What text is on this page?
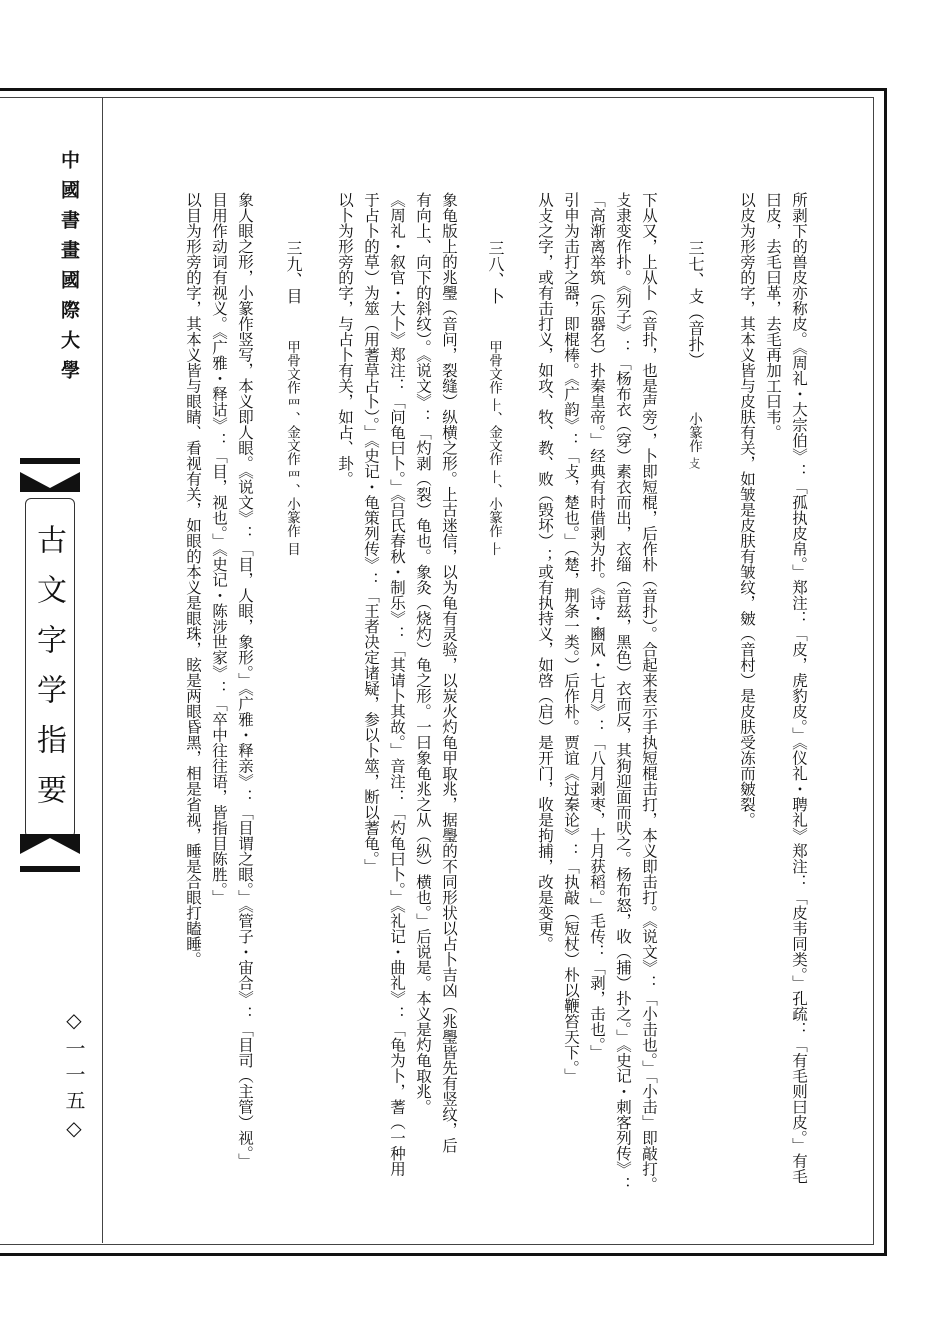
中國書畫國際大學
古文字学指要
◇一一五◇	所剥下的兽皮亦称皮。《周礼・大宗伯》：「孤执皮帛。」郑注：「皮，虎豹皮。」《仪礼・聘礼》郑注：「皮韦同类。」孔疏：「有毛则曰皮。」有毛
曰皮，去毛曰革，去毛再加工曰韦。
以皮为形旁的字，其本义皆与皮肤有关，如皱是皮肤有皱纹，皴（音村）是皮肤受冻而皴裂。
三七、攴（音扑）
小篆作 攴
下从又，上从卜（音扑，也是声旁），卜即短棍，后作朴（音扑）。合起来表示手执短棍击打，本义即击打。《说文》：「小击也。」「小击」即敲打。
攴隶变作扑。《列子》：「杨布衣（穿）素衣而出，衣缁（音兹，黑色）衣而反，其狗迎面而吠之。杨布怒，收（捕）扑之。」《史记・刺客列传》：
「高渐离举筑（乐器名）扑秦皇帝。」经典有时借剥为扑。《诗・豳风・七月》：「八月剥枣，十月获稻。」毛传：「剥，击也。」
引申为击打之器，即棍棒。《广韵》：「攴，楚也。」（楚，荆条一类。）后作朴。贾谊《过秦论》：「执敲（短杖）朴以鞭笞天下。」
从攴之字，或有击打义，如攻、牧、教、败（毁坏）；或有执持义，如啓（启）是开门，收是拘捕，改是变更。
三八、卜
甲骨文作 ⺊、金文作 ⺊、小篆作 ⺊
象龟版上的兆璺（音问，裂缝）纵横之形。上古迷信，以为龟有灵验，以炭火灼龟甲取兆，据璺的不同形状以占卜吉凶（兆璺皆先有竖纹，后
有向上、向下的斜纹）。《说文》：「灼剥（裂）龟也。象灸（烧灼）龟之形。一曰象龟兆之从（纵）横也。」后说是。本义是灼龟取兆。
《周礼・叙官・大卜》郑注：「问龟曰卜。」《吕氏春秋・制乐》：「其请卜其故。」音注：「灼龟曰卜。」《礼记・曲礼》：「龟为卜，蓍（一种用
于占卜的草）为筮（用蓍草占卜）。」《史记・龟策列传》：「王者决定诸疑，参以卜筮，断以蓍龟。」
以卜为形旁的字，与占卜有关，如占、卦。
三九、目
甲骨文作 ⺫、金文作 ⺫、小篆作 目
象人眼之形，小篆作竖写，本义即人眼。《说文》：「目，人眼，象形。」《广雅・释亲》：「目谓之眼。」《管子・宙合》：「目司（主管）视。」
目用作动词有视义。《广雅・释诂》：「目，视也。」《史记・陈涉世家》：「卒中往往语，皆指目陈胜。」
以目为形旁的字，其本义皆与眼睛、看视有关，如眼的本义是眼珠，眩是两眼昏黑，相是省视，睡是合眼打瞌睡。
